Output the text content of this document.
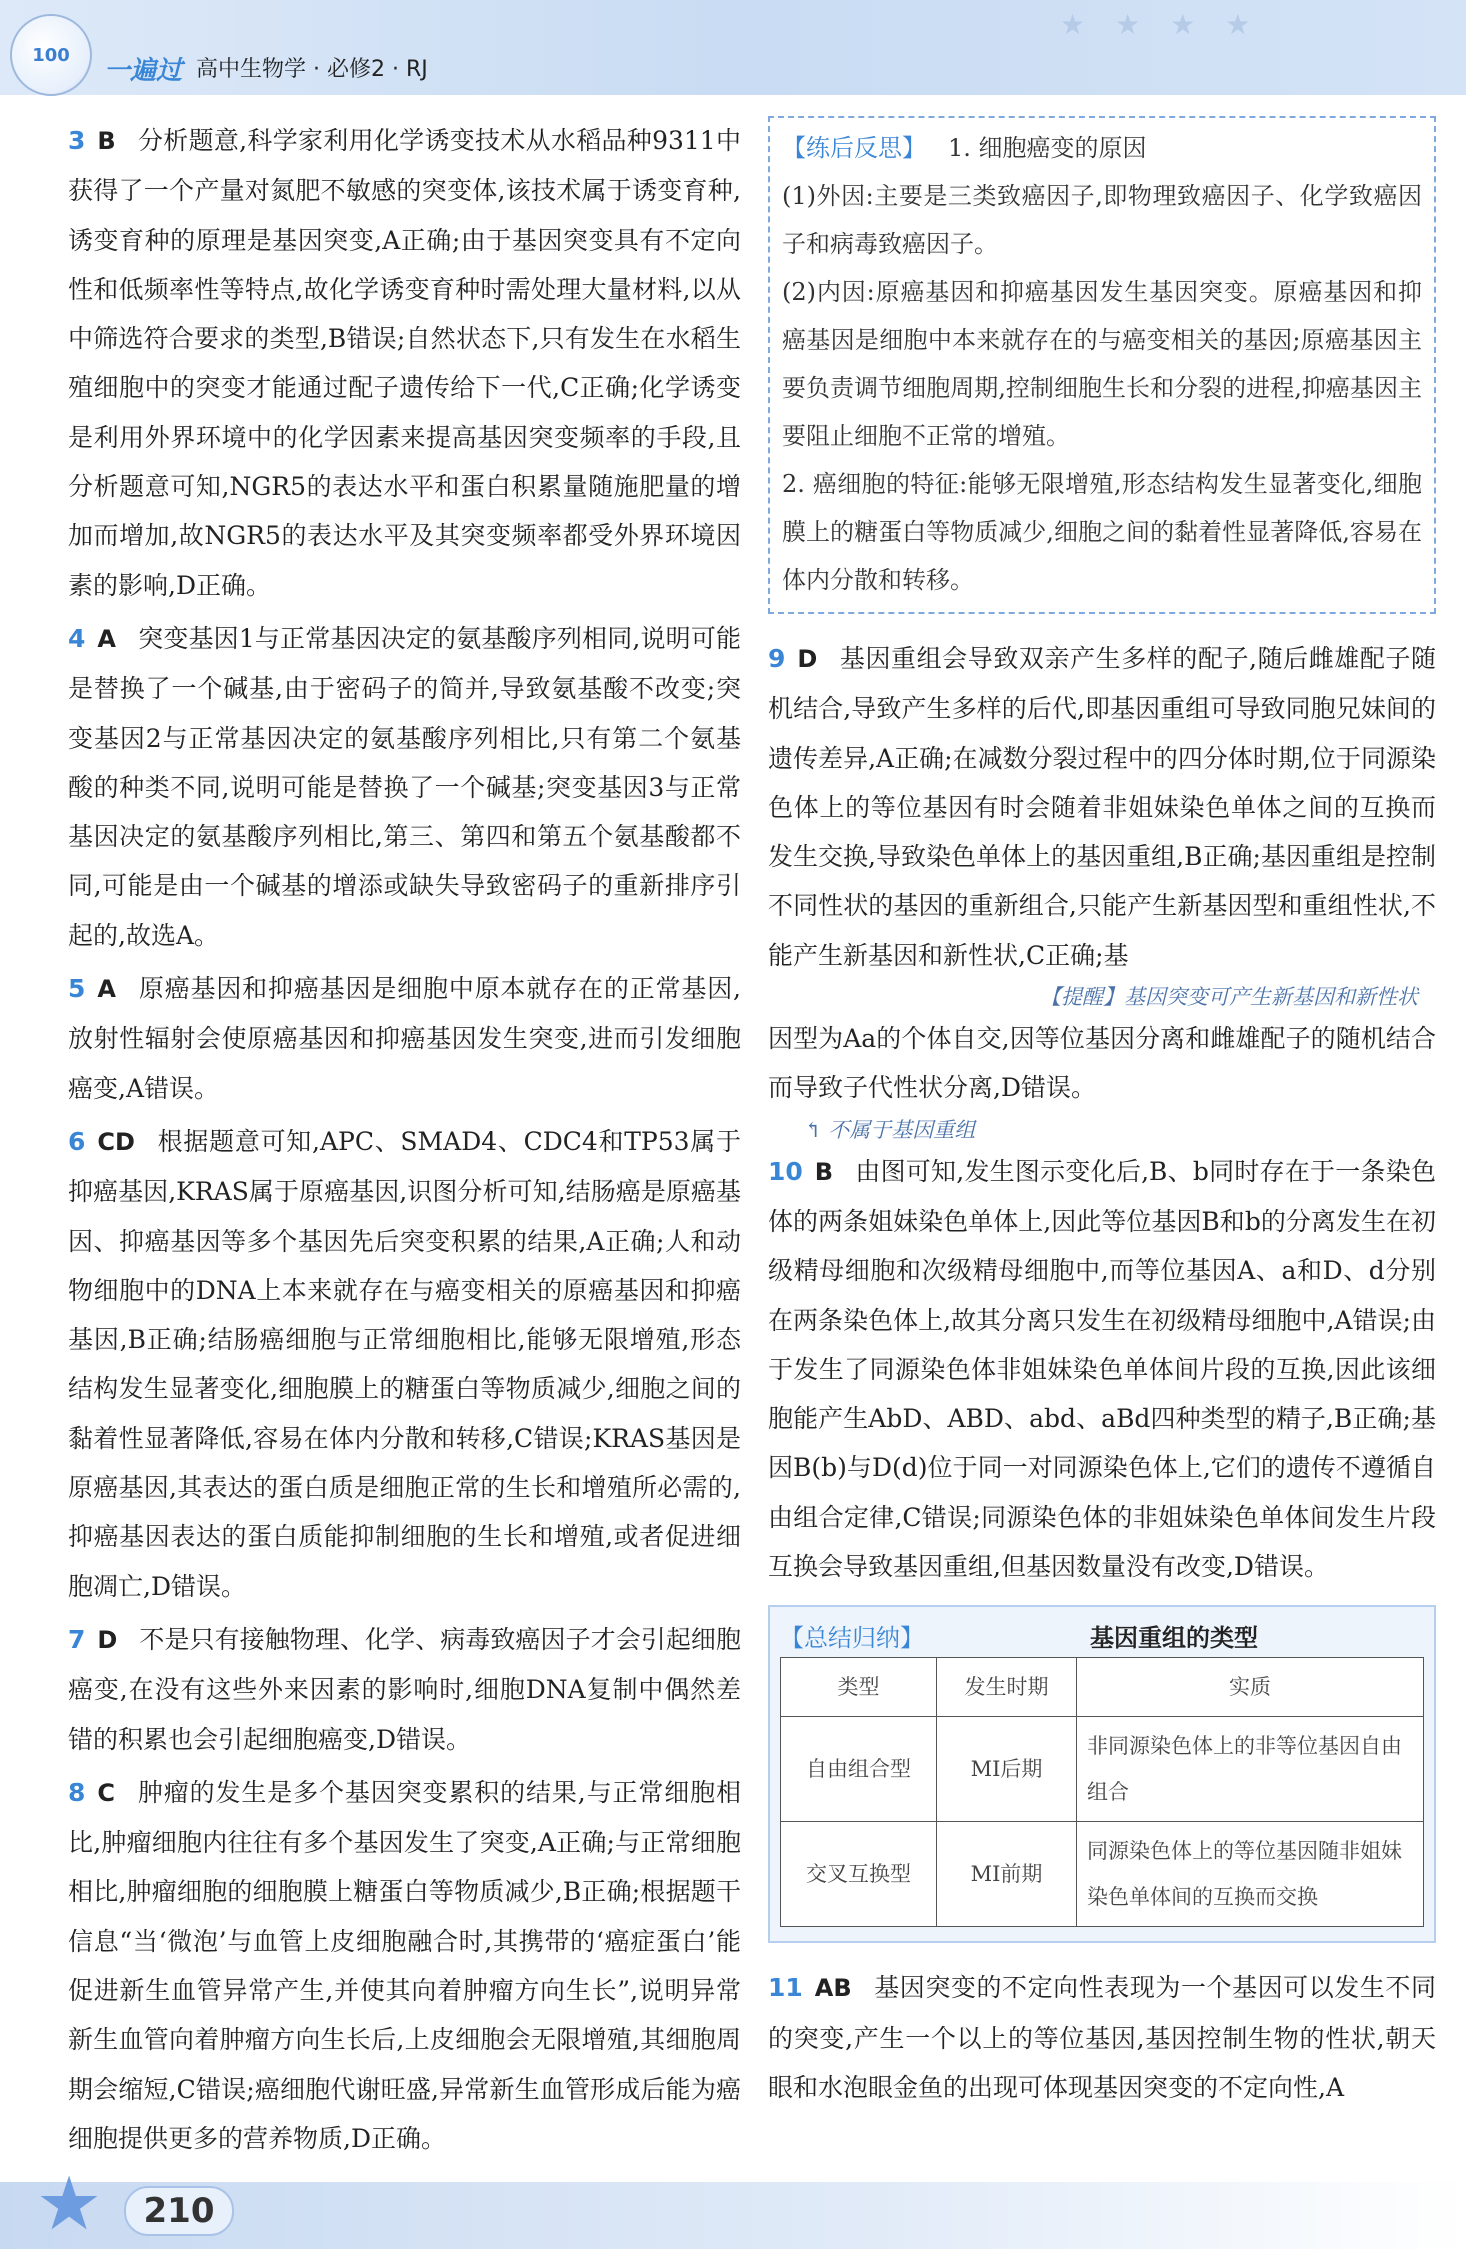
100
一遍过 高中生物学 · 必修2 · RJ
★★★★

3 B 分析题意,科学家利用化学诱变技术从水稻品种9311中获得了一个产量对氮肥不敏感的突变体,该技术属于诱变育种,诱变育种的原理是基因突变,A正确;由于基因突变具有不定向性和低频率性等特点,故化学诱变育种时需处理大量材料,以从中筛选符合要求的类型,B错误;自然状态下,只有发生在水稻生殖细胞中的突变才能通过配子遗传给下一代,C正确;化学诱变是利用外界环境中的化学因素来提高基因突变频率的手段,且分析题意可知,NGR5的表达水平和蛋白积累量随施肥量的增加而增加,故NGR5的表达水平及其突变频率都受外界环境因素的影响,D正确。

4 A 突变基因1与正常基因决定的氨基酸序列相同,说明可能是替换了一个碱基,由于密码子的简并,导致氨基酸不改变;突变基因2与正常基因决定的氨基酸序列相比,只有第二个氨基酸的种类不同,说明可能是替换了一个碱基;突变基因3与正常基因决定的氨基酸序列相比,第三、第四和第五个氨基酸都不同,可能是由一个碱基的增添或缺失导致密码子的重新排序引起的,故选A。

5 A 原癌基因和抑癌基因是细胞中原本就存在的正常基因,放射性辐射会使原癌基因和抑癌基因发生突变,进而引发细胞癌变,A错误。

6 CD 根据题意可知,APC、SMAD4、CDC4和TP53属于抑癌基因,KRAS属于原癌基因,识图分析可知,结肠癌是原癌基因、抑癌基因等多个基因先后突变积累的结果,A正确;人和动物细胞中的DNA上本来就存在与癌变相关的原癌基因和抑癌基因,B正确;结肠癌细胞与正常细胞相比,能够无限增殖,形态结构发生显著变化,细胞膜上的糖蛋白等物质减少,细胞之间的黏着性显著降低,容易在体内分散和转移,C错误;KRAS基因是原癌基因,其表达的蛋白质是细胞正常的生长和增殖所必需的,抑癌基因表达的蛋白质能抑制细胞的生长和增殖,或者促进细胞凋亡,D错误。

7 D 不是只有接触物理、化学、病毒致癌因子才会引起细胞癌变,在没有这些外来因素的影响时,细胞DNA复制中偶然差错的积累也会引起细胞癌变,D错误。

8 C 肿瘤的发生是多个基因突变累积的结果,与正常细胞相比,肿瘤细胞内往往有多个基因发生了突变,A正确;与正常细胞相比,肿瘤细胞的细胞膜上糖蛋白等物质减少,B正确;根据题干信息“当‘微泡’与血管上皮细胞融合时,其携带的‘癌症蛋白’能促进新生血管异常产生,并使其向着肿瘤方向生长”,说明异常新生血管向着肿瘤方向生长后,上皮细胞会无限增殖,其细胞周期会缩短,C错误;癌细胞代谢旺盛,异常新生血管形成后能为癌细胞提供更多的营养物质,D正确。

【练后反思】 1. 细胞癌变的原因
(1)外因:主要是三类致癌因子,即物理致癌因子、化学致癌因子和病毒致癌因子。
(2)内因:原癌基因和抑癌基因发生基因突变。原癌基因和抑癌基因是细胞中本来就存在的与癌变相关的基因;原癌基因主要负责调节细胞周期,控制细胞生长和分裂的进程,抑癌基因主要阻止细胞不正常的增殖。
2. 癌细胞的特征:能够无限增殖,形态结构发生显著变化,细胞膜上的糖蛋白等物质减少,细胞之间的黏着性显著降低,容易在体内分散和转移。

9 D 基因重组会导致双亲产生多样的配子,随后雌雄配子随机结合,导致产生多样的后代,即基因重组可导致同胞兄妹间的遗传差异,A正确;在减数分裂过程中的四分体时期,位于同源染色体上的等位基因有时会随着非姐妹染色单体之间的互换而发生交换,导致染色单体上的基因重组,B正确;基因重组是控制不同性状的基因的重新组合,只能产生新基因型和重组性状,不能产生新基因和新性状,C正确;基

【提醒】基因突变可产生新基因和新性状

因型为Aa的个体自交,因等位基因分离和雌雄配子的随机结合而导致子代性状分离,D错误。

↰ 不属于基因重组

10 B 由图可知,发生图示变化后,B、b同时存在于一条染色体的两条姐妹染色单体上,因此等位基因B和b的分离发生在初级精母细胞和次级精母细胞中,而等位基因A、a和D、d分别在两条染色体上,故其分离只发生在初级精母细胞中,A错误;由于发生了同源染色体非姐妹染色单体间片段的互换,因此该细胞能产生AbD、ABD、abd、aBd四种类型的精子,B正确;基因B(b)与D(d)位于同一对同源染色体上,它们的遗传不遵循自由组合定律,C错误;同源染色体的非姐妹染色单体间发生片段互换会导致基因重组,但基因数量没有改变,D错误。

【总结归纳】	基因重组的类型
类型	发生时期	实质
自由组合型	MⅠ后期	非同源染色体上的非等位基因自由组合
交叉互换型	MⅠ前期	同源染色体上的等位基因随非姐妹染色单体间的互换而交换

11 AB 基因突变的不定向性表现为一个基因可以发生不同的突变,产生一个以上的等位基因,基因控制生物的性状,朝天眼和水泡眼金鱼的出现可体现基因突变的不定向性,A

★	210
